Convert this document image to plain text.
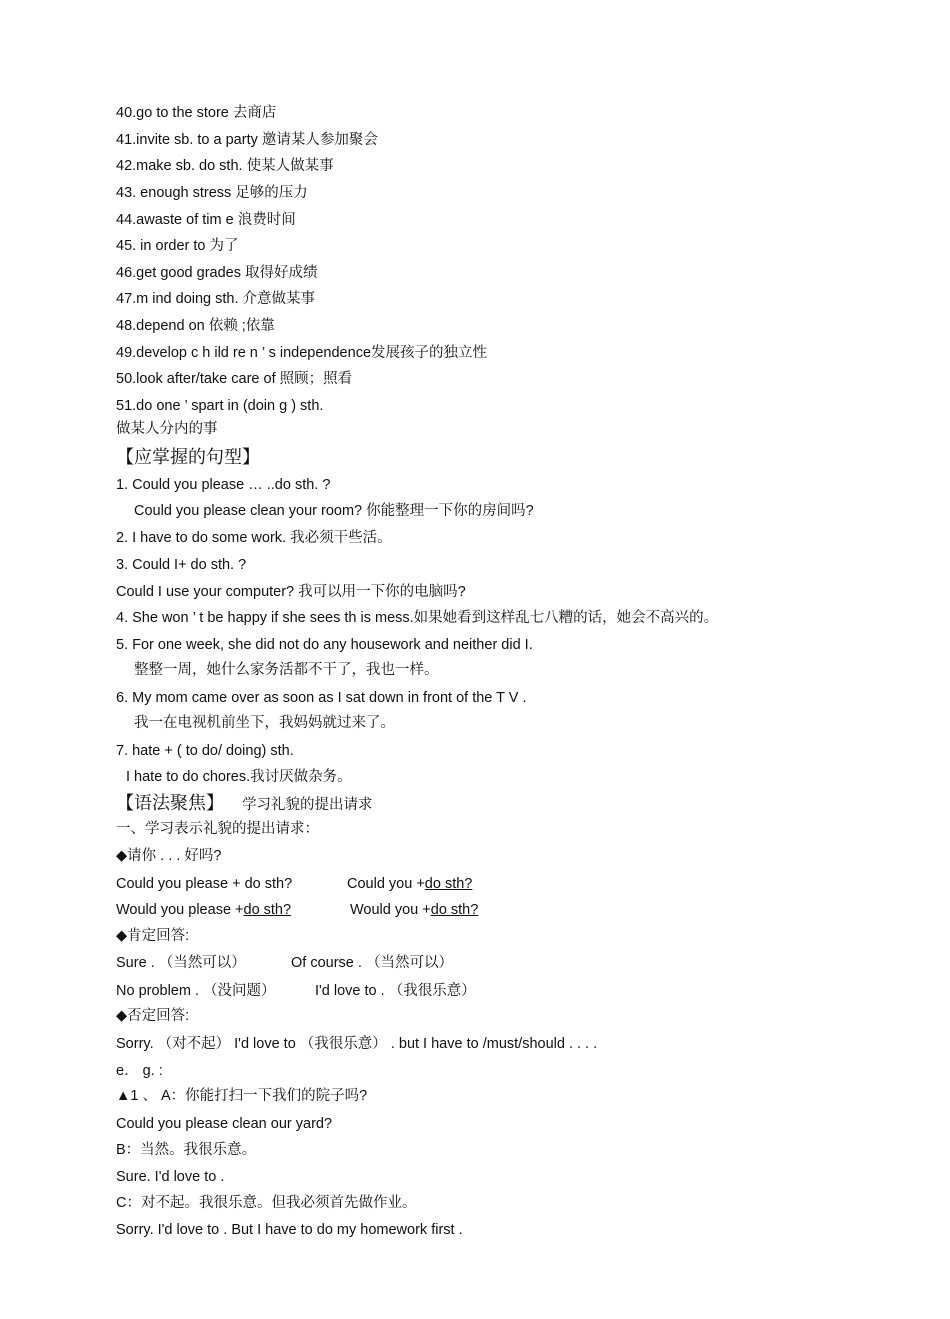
40.go to the store 去商店
41.invite sb. to a party 邀请某人参加聚会
42.make sb. do sth. 使某人做某事
43. enough stress 足够的压力
44.awaste of tim e 浪费时间
45. in order to 为了
46.get good grades 取得好成绩
47.m ind doing sth. 介意做某事
48.depend on 依赖 ;依靠
49.develop c h ild re n ’ s independence发展孩子的独立性
50.look after/take care of 照顾；照看
51.do one ’ spart in (doin g ) sth.
做某人分内的事
【应掌握的句型】
1. Could you please … ..do sth. ?
Could you please clean your room? 你能整理一下你的房间吗?
2. I have to do some work. 我必须干些活。
3. Could I+ do sth. ?
Could I use your computer? 我可以用一下你的电脑吗?
4. She won ’ t be happy if she sees th is mess.如果她看到这样乱七八糟的话，她会不高兴的。
5. For one week, she did not do any housework and neither did I.
整整一周，她什么家务活都不干了，我也一样。
6. My mom came over as soon as I sat down in front of the T V .
我一在电视机前坐下，我妈妈就过来了。
7. hate + ( to do/ doing) sth.
I hate to do chores.我讨厌做杂务。
【语法聚焦】 学习礼貌的提出请求
一、学习表示礼貌的提出请求：
◆请你 . . . 好吗?
Could you please + do sth?	Could you +do sth?
Would you please +do sth?	Would you +do sth?
◆肯定回答:
Sure . （当然可以）	Of course . （当然可以）
No problem . （没问题）	I'd love to . （我很乐意）
◆否定回答:
Sorry. （对不起） I'd love to （我很乐意） . but I have to /must/should . . . .
e． g. :
▲1 、 A：你能打扫一下我们的院子吗?
Could you please clean our yard?
B：当然。我很乐意。
Sure. I'd love to .
C：对不起。我很乐意。但我必须首先做作业。
Sorry. I'd love to . But I have to do my homework first .
